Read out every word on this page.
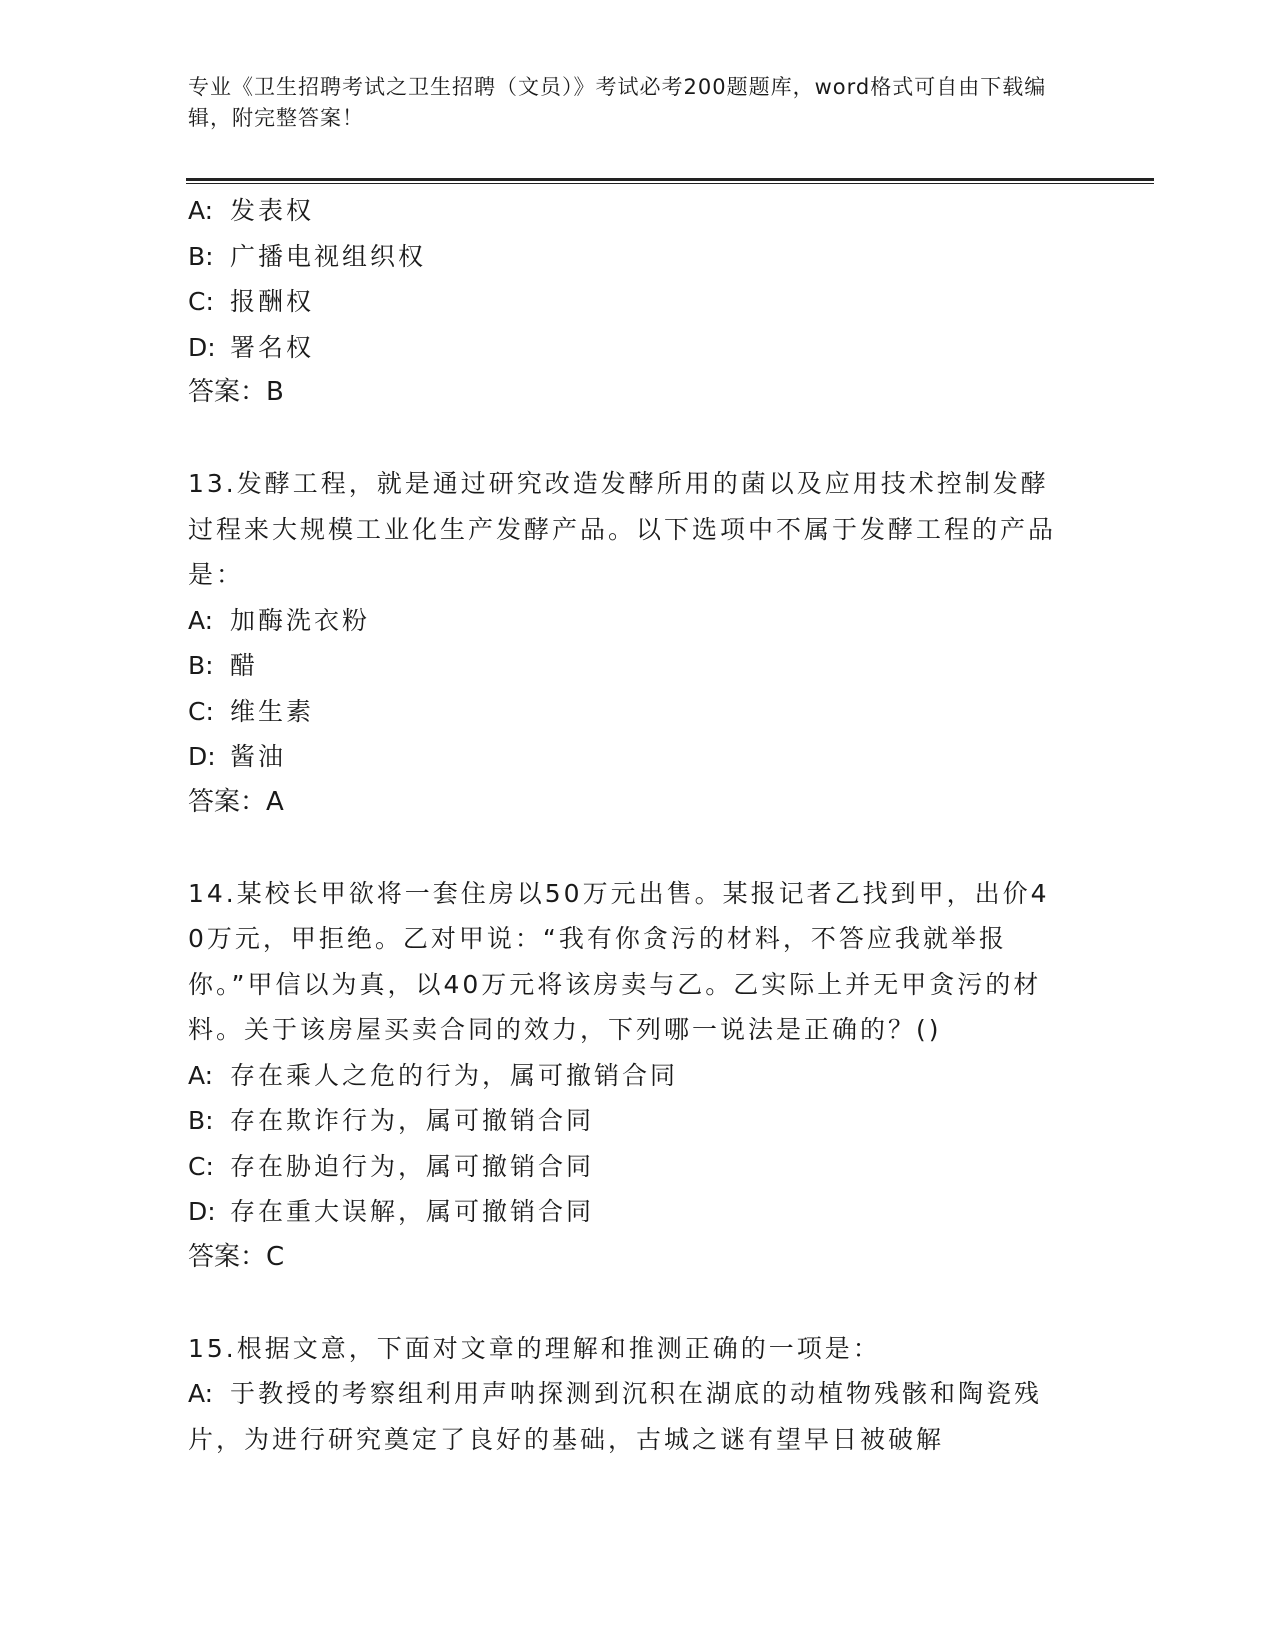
专业《卫生招聘考试之卫生招聘（文员）》考试必考200题题库，word格式可自由下载编辑，附完整答案！
A: 发表权
B: 广播电视组织权
C: 报酬权
D: 署名权
答案：B
13.发酵工程，就是通过研究改造发酵所用的菌以及应用技术控制发酵过程来大规模工业化生产发酵产品。以下选项中不属于发酵工程的产品是：
A: 加酶洗衣粉
B: 醋
C: 维生素
D: 酱油
答案：A
14.某校长甲欲将一套住房以50万元出售。某报记者乙找到甲，出价40万元，甲拒绝。乙对甲说：“我有你贪污的材料，不答应我就举报你。”甲信以为真，以40万元将该房卖与乙。乙实际上并无甲贪污的材料。关于该房屋买卖合同的效力，下列哪一说法是正确的？()
A: 存在乘人之危的行为，属可撤销合同
B: 存在欺诈行为，属可撤销合同
C: 存在胁迫行为，属可撤销合同
D: 存在重大误解，属可撤销合同
答案：C
15.根据文意，下面对文章的理解和推测正确的一项是：
A: 于教授的考察组利用声呐探测到沉积在湖底的动植物残骸和陶瓷残片，为进行研究奠定了良好的基础，古城之谜有望早日被破解
